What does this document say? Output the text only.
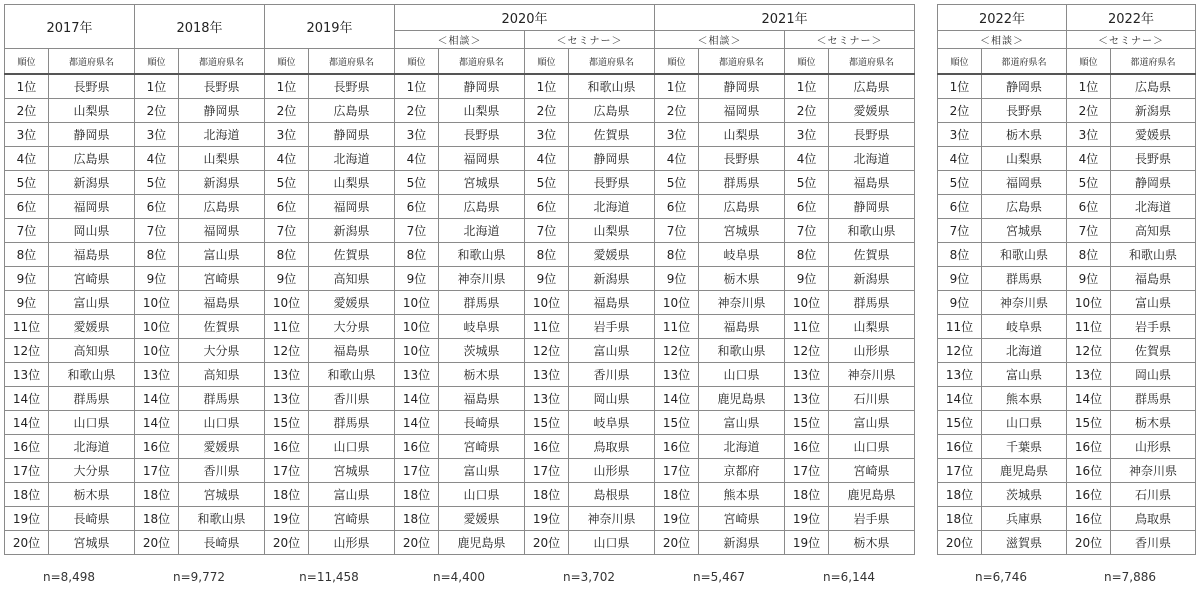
2017年		2018年		2019年		2020年				2021年			
						＜相談＞		＜セミナー＞		＜相談＞		＜セミナー＞	
順位	都道府県名	順位	都道府県名	順位	都道府県名	順位	都道府県名	順位	都道府県名	順位	都道府県名	順位	都道府県名
1位	長野県	1位	長野県	1位	長野県	1位	静岡県	1位	和歌山県	1位	静岡県	1位	広島県
2位	山梨県	2位	静岡県	2位	広島県	2位	山梨県	2位	広島県	2位	福岡県	2位	愛媛県
3位	静岡県	3位	北海道	3位	静岡県	3位	長野県	3位	佐賀県	3位	山梨県	3位	長野県
4位	広島県	4位	山梨県	4位	北海道	4位	福岡県	4位	静岡県	4位	長野県	4位	北海道
5位	新潟県	5位	新潟県	5位	山梨県	5位	宮城県	5位	長野県	5位	群馬県	5位	福島県
6位	福岡県	6位	広島県	6位	福岡県	6位	広島県	6位	北海道	6位	広島県	6位	静岡県
7位	岡山県	7位	福岡県	7位	新潟県	7位	北海道	7位	山梨県	7位	宮城県	7位	和歌山県
8位	福島県	8位	富山県	8位	佐賀県	8位	和歌山県	8位	愛媛県	8位	岐阜県	8位	佐賀県
9位	宮崎県	9位	宮崎県	9位	高知県	9位	神奈川県	9位	新潟県	9位	栃木県	9位	新潟県
9位	富山県	10位	福島県	10位	愛媛県	10位	群馬県	10位	福島県	10位	神奈川県	10位	群馬県
11位	愛媛県	10位	佐賀県	11位	大分県	10位	岐阜県	11位	岩手県	11位	福島県	11位	山梨県
12位	高知県	10位	大分県	12位	福島県	10位	茨城県	12位	富山県	12位	和歌山県	12位	山形県
13位	和歌山県	13位	高知県	13位	和歌山県	13位	栃木県	13位	香川県	13位	山口県	13位	神奈川県
14位	群馬県	14位	群馬県	13位	香川県	14位	福島県	13位	岡山県	14位	鹿児島県	13位	石川県
14位	山口県	14位	山口県	15位	群馬県	14位	長崎県	15位	岐阜県	15位	富山県	15位	富山県
16位	北海道	16位	愛媛県	16位	山口県	16位	宮崎県	16位	鳥取県	16位	北海道	16位	山口県
17位	大分県	17位	香川県	17位	宮城県	17位	富山県	17位	山形県	17位	京都府	17位	宮崎県
18位	栃木県	18位	宮城県	18位	富山県	18位	山口県	18位	島根県	18位	熊本県	18位	鹿児島県
19位	長崎県	18位	和歌山県	19位	宮崎県	18位	愛媛県	19位	神奈川県	19位	宮崎県	19位	岩手県
20位	宮城県	20位	長崎県	20位	山形県	20位	鹿児島県	20位	山口県	20位	新潟県	19位	栃木県
2022年		2022年	
＜相談＞		＜セミナー＞	
順位	都道府県名	順位	都道府県名
1位	静岡県	1位	広島県
2位	長野県	2位	新潟県
3位	栃木県	3位	愛媛県
4位	山梨県	4位	長野県
5位	福岡県	5位	静岡県
6位	広島県	6位	北海道
7位	宮城県	7位	高知県
8位	和歌山県	8位	和歌山県
9位	群馬県	9位	福島県
9位	神奈川県	10位	富山県
11位	岐阜県	11位	岩手県
12位	北海道	12位	佐賀県
13位	富山県	13位	岡山県
14位	熊本県	14位	群馬県
15位	山口県	15位	栃木県
16位	千葉県	16位	山形県
17位	鹿児島県	16位	神奈川県
18位	茨城県	16位	石川県
18位	兵庫県	16位	鳥取県
20位	滋賀県	20位	香川県
n=8,498	n=9,772	n=11,458	n=4,400	n=3,702	n=5,467	n=6,144	n=6,746	n=7,886
